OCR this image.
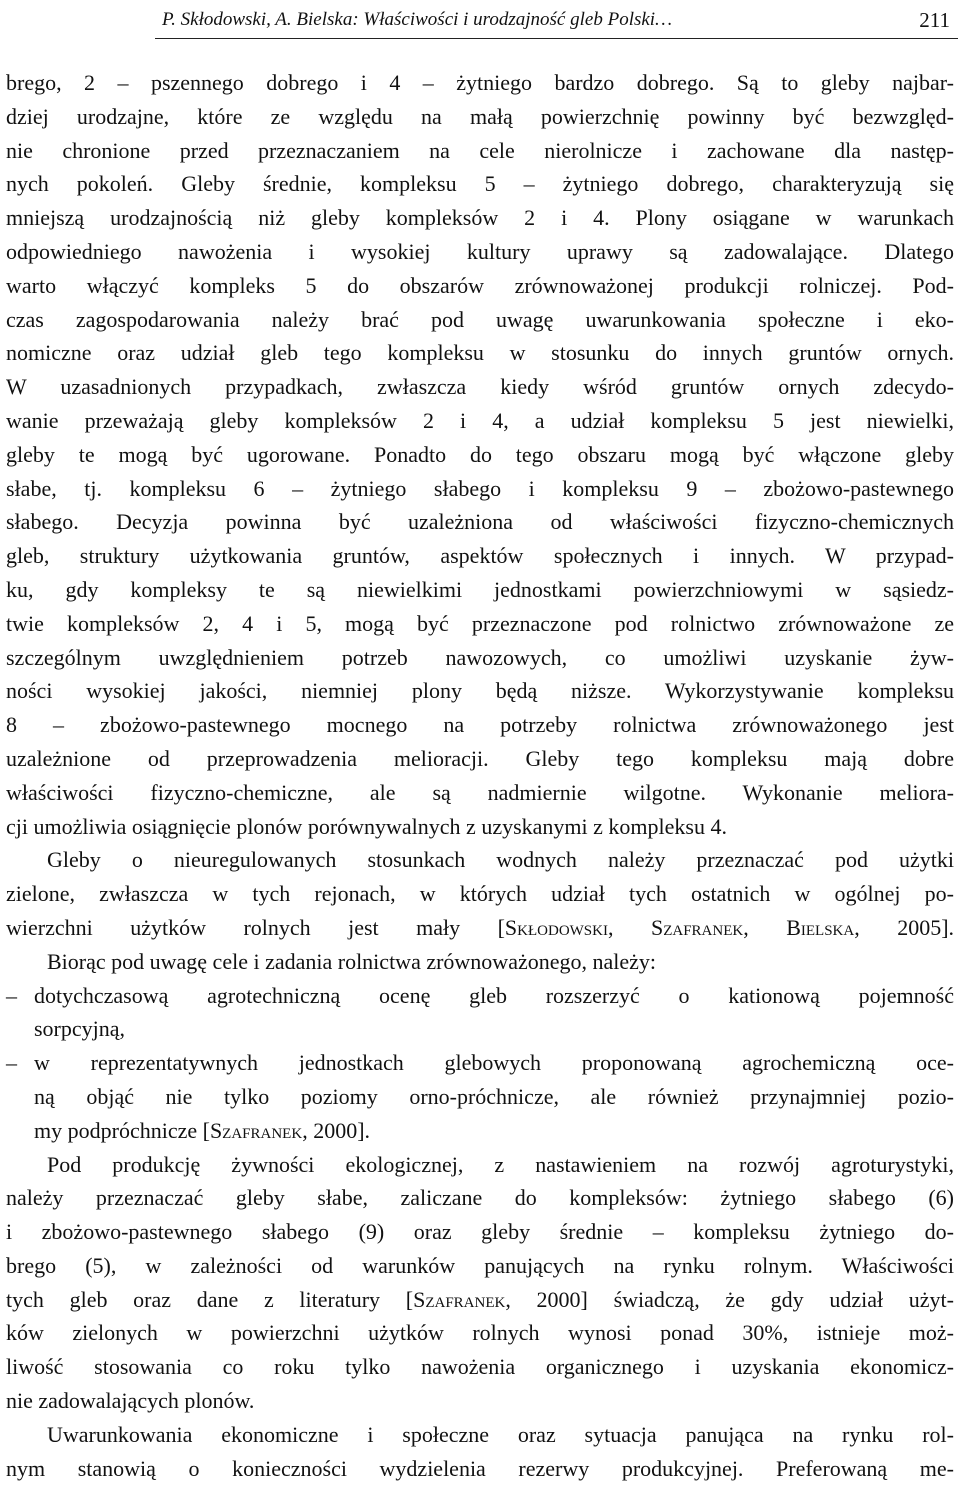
P. Skłodowski, A. Bielska: Właściwości i urodzajność gleb Polski…	211
brego, 2 – pszennego dobrego i 4 – żytniego bardzo dobrego. Są to gleby najbar-
dziej urodzajne, które ze względu na małą powierzchnię powinny być bezwzględ-
nie chronione przed przeznaczaniem na cele nierolnicze i zachowane dla następ-
nych pokoleń. Gleby średnie, kompleksu 5 – żytniego dobrego, charakteryzują się
mniejszą urodzajnością niż gleby kompleksów 2 i 4. Plony osiągane w warunkach
odpowiedniego nawożenia i wysokiej kultury uprawy są zadowalające. Dlatego
warto włączyć kompleks 5 do obszarów zrównoważonej produkcji rolniczej. Pod-
czas zagospodarowania należy brać pod uwagę uwarunkowania społeczne i eko-
nomiczne oraz udział gleb tego kompleksu w stosunku do innych gruntów ornych.
W uzasadnionych przypadkach, zwłaszcza kiedy wśród gruntów ornych zdecydo-
wanie przeważają gleby kompleksów 2 i 4, a udział kompleksu 5 jest niewielki,
gleby te mogą być ugorowane. Ponadto do tego obszaru mogą być włączone gleby
słabe, tj. kompleksu 6 – żytniego słabego i kompleksu 9 – zbożowo-pastewnego
słabego. Decyzja powinna być uzależniona od właściwości fizyczno-chemicznych
gleb, struktury użytkowania gruntów, aspektów społecznych i innych. W przypad-
ku, gdy kompleksy te są niewielkimi jednostkami powierzchniowymi w sąsiedz-
twie kompleksów 2, 4 i 5, mogą być przeznaczone pod rolnictwo zrównoważone ze
szczególnym uwzględnieniem potrzeb nawozowych, co umożliwi uzyskanie żyw-
ności wysokiej jakości, niemniej plony będą niższe. Wykorzystywanie kompleksu
8 – zbożowo-pastewnego mocnego na potrzeby rolnictwa zrównoważonego jest
uzależnione od przeprowadzenia melioracji. Gleby tego kompleksu mają dobre
właściwości fizyczno-chemiczne, ale są nadmiernie wilgotne. Wykonanie meliora-
cji umożliwia osiągnięcie plonów porównywalnych z uzyskanymi z kompleksu 4.
Gleby o nieuregulowanych stosunkach wodnych należy przeznaczać pod użytki
zielone, zwłaszcza w tych rejonach, w których udział tych ostatnich w ogólnej po-
wierzchni użytków rolnych jest mały [Skłodowski, Szafranek, Bielska, 2005].
Biorąc pod uwagę cele i zadania rolnictwa zrównoważonego, należy:
– dotychczasową agrotechniczną ocenę gleb rozszerzyć o kationową pojemność
sorpcyjną,
– w reprezentatywnych jednostkach glebowych proponowaną agrochemiczną oce-
ną objąć nie tylko poziomy orno-próchnicze, ale również przynajmniej pozio-
my podpróchnicze [Szafranek, 2000].
Pod produkcję żywności ekologicznej, z nastawieniem na rozwój agroturystyki,
należy przeznaczać gleby słabe, zaliczane do kompleksów: żytniego słabego (6)
i zbożowo-pastewnego słabego (9) oraz gleby średnie – kompleksu żytniego do-
brego (5), w zależności od warunków panujących na rynku rolnym. Właściwości
tych gleb oraz dane z literatury [Szafranek, 2000] świadczą, że gdy udział użyt-
ków zielonych w powierzchni użytków rolnych wynosi ponad 30%, istnieje moż-
liwość stosowania co roku tylko nawożenia organicznego i uzyskania ekonomicz-
nie zadowalających plonów.
Uwarunkowania ekonomiczne i społeczne oraz sytuacja panująca na rynku rol-
nym stanowią o konieczności wydzielenia rezerwy produkcyjnej. Preferowaną me-
